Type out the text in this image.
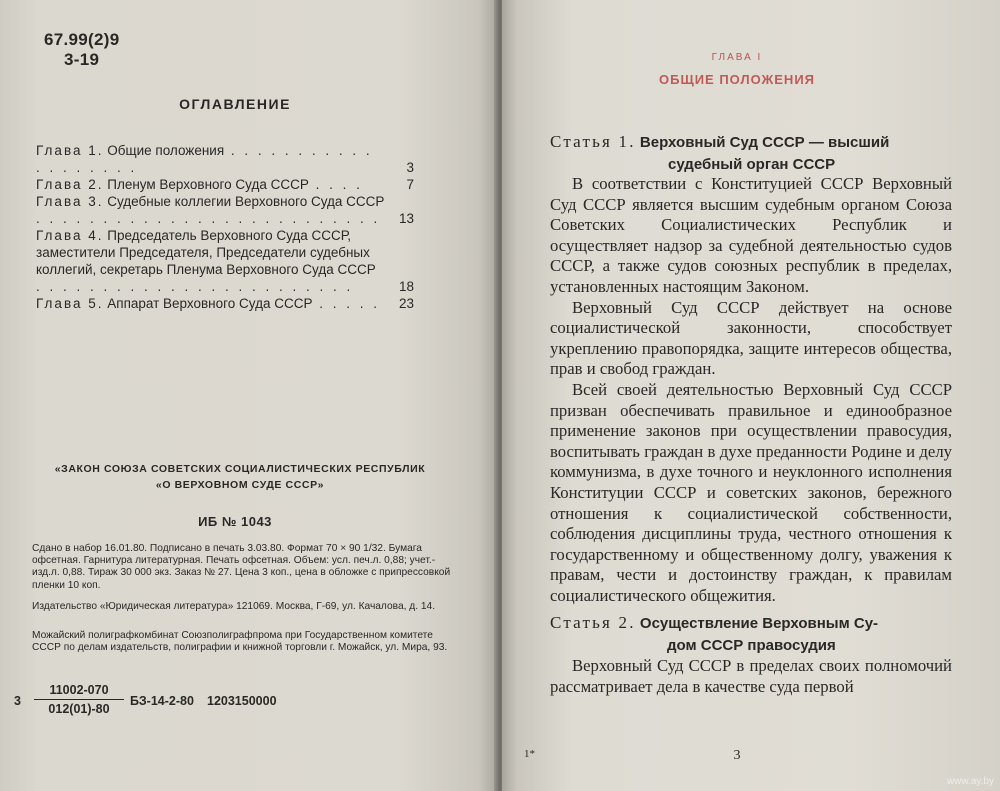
67.99(2)9
3-19
ОГЛАВЛЕНИЕ
Глава 1. Общие положения . . . . . . . . . . . . . . . . . . .	3
Глава 2. Пленум Верховного Суда СССР . . . .	7
Глава 3. Судебные коллегии Верховного Суда СССР . . . . . . . . . . . . . . . . . . . . . . . . . .	13
Глава 4. Председатель Верховного Суда СССР, заместители Председателя, Председатели судебных коллегий, секретарь Пленума Верховного Суда СССР . . . . . . . . . . . . . . . . . . . . . . . .	18
Глава 5. Аппарат Верховного Суда СССР . . . . .	23
«ЗАКОН СОЮЗА СОВЕТСКИХ СОЦИАЛИСТИЧЕСКИХ РЕСПУБЛИК
«О ВЕРХОВНОМ СУДЕ СССР»
ИБ № 1043
Сдано в набор 16.01.80. Подписано в печать 3.03.80. Формат 70 × 90 1/32. Бумага офсетная. Гарнитура литературная. Печать офсетная. Объем: усл. печ.л. 0,88; учет.-изд.л. 0,88. Тираж 30 000 экз. Заказ № 27. Цена 3 коп., цена в обложке с припрессовкой пленки 10 коп.
Издательство «Юридическая литература» 121069. Москва, Г-69, ул. Качалова, д. 14.
Можайский полиграфкомбинат Союзполиграфпрома при Государственном комитете СССР по делам издательств, полиграфии и книжной торговли г. Можайск, ул. Мира, 93.
$3 \frac{11002-070}{012(01)-80} БЗ-14-2-80$ 1203150000
ГЛАВА I
ОБЩИЕ ПОЛОЖЕНИЯ
Статья 1. Верховный Суд СССР — высший
судебный орган СССР

В соответствии с Конституцией СССР Верховный Суд СССР является высшим судебным органом Союза Советских Социалистических Республик и осуществляет надзор за судебной деятельностью судов СССР, а также судов союзных республик в пределах, установленных настоящим Законом.

Верховный Суд СССР действует на основе социалистической законности, способствует укреплению правопорядка, защите интересов общества, прав и свобод граждан.

Всей своей деятельностью Верховный Суд СССР призван обеспечивать правильное и единообразное применение законов при осуществлении правосудия, воспитывать граждан в духе преданности Родине и делу коммунизма, в духе точного и неуклонного исполнения Конституции СССР и советских законов, бережного отношения к социалистической собственности, соблюдения дисциплины труда, честного отношения к государственному и общественному долгу, уважения к правам, чести и достоинству граждан, к правилам социалистического общежития.

Статья 2. Осуществление Верховным Су-
дом СССР правосудия

Верховный Суд СССР в пределах своих полномочий рассматривает дела в качестве суда первой

1*	3
www.ay.by
